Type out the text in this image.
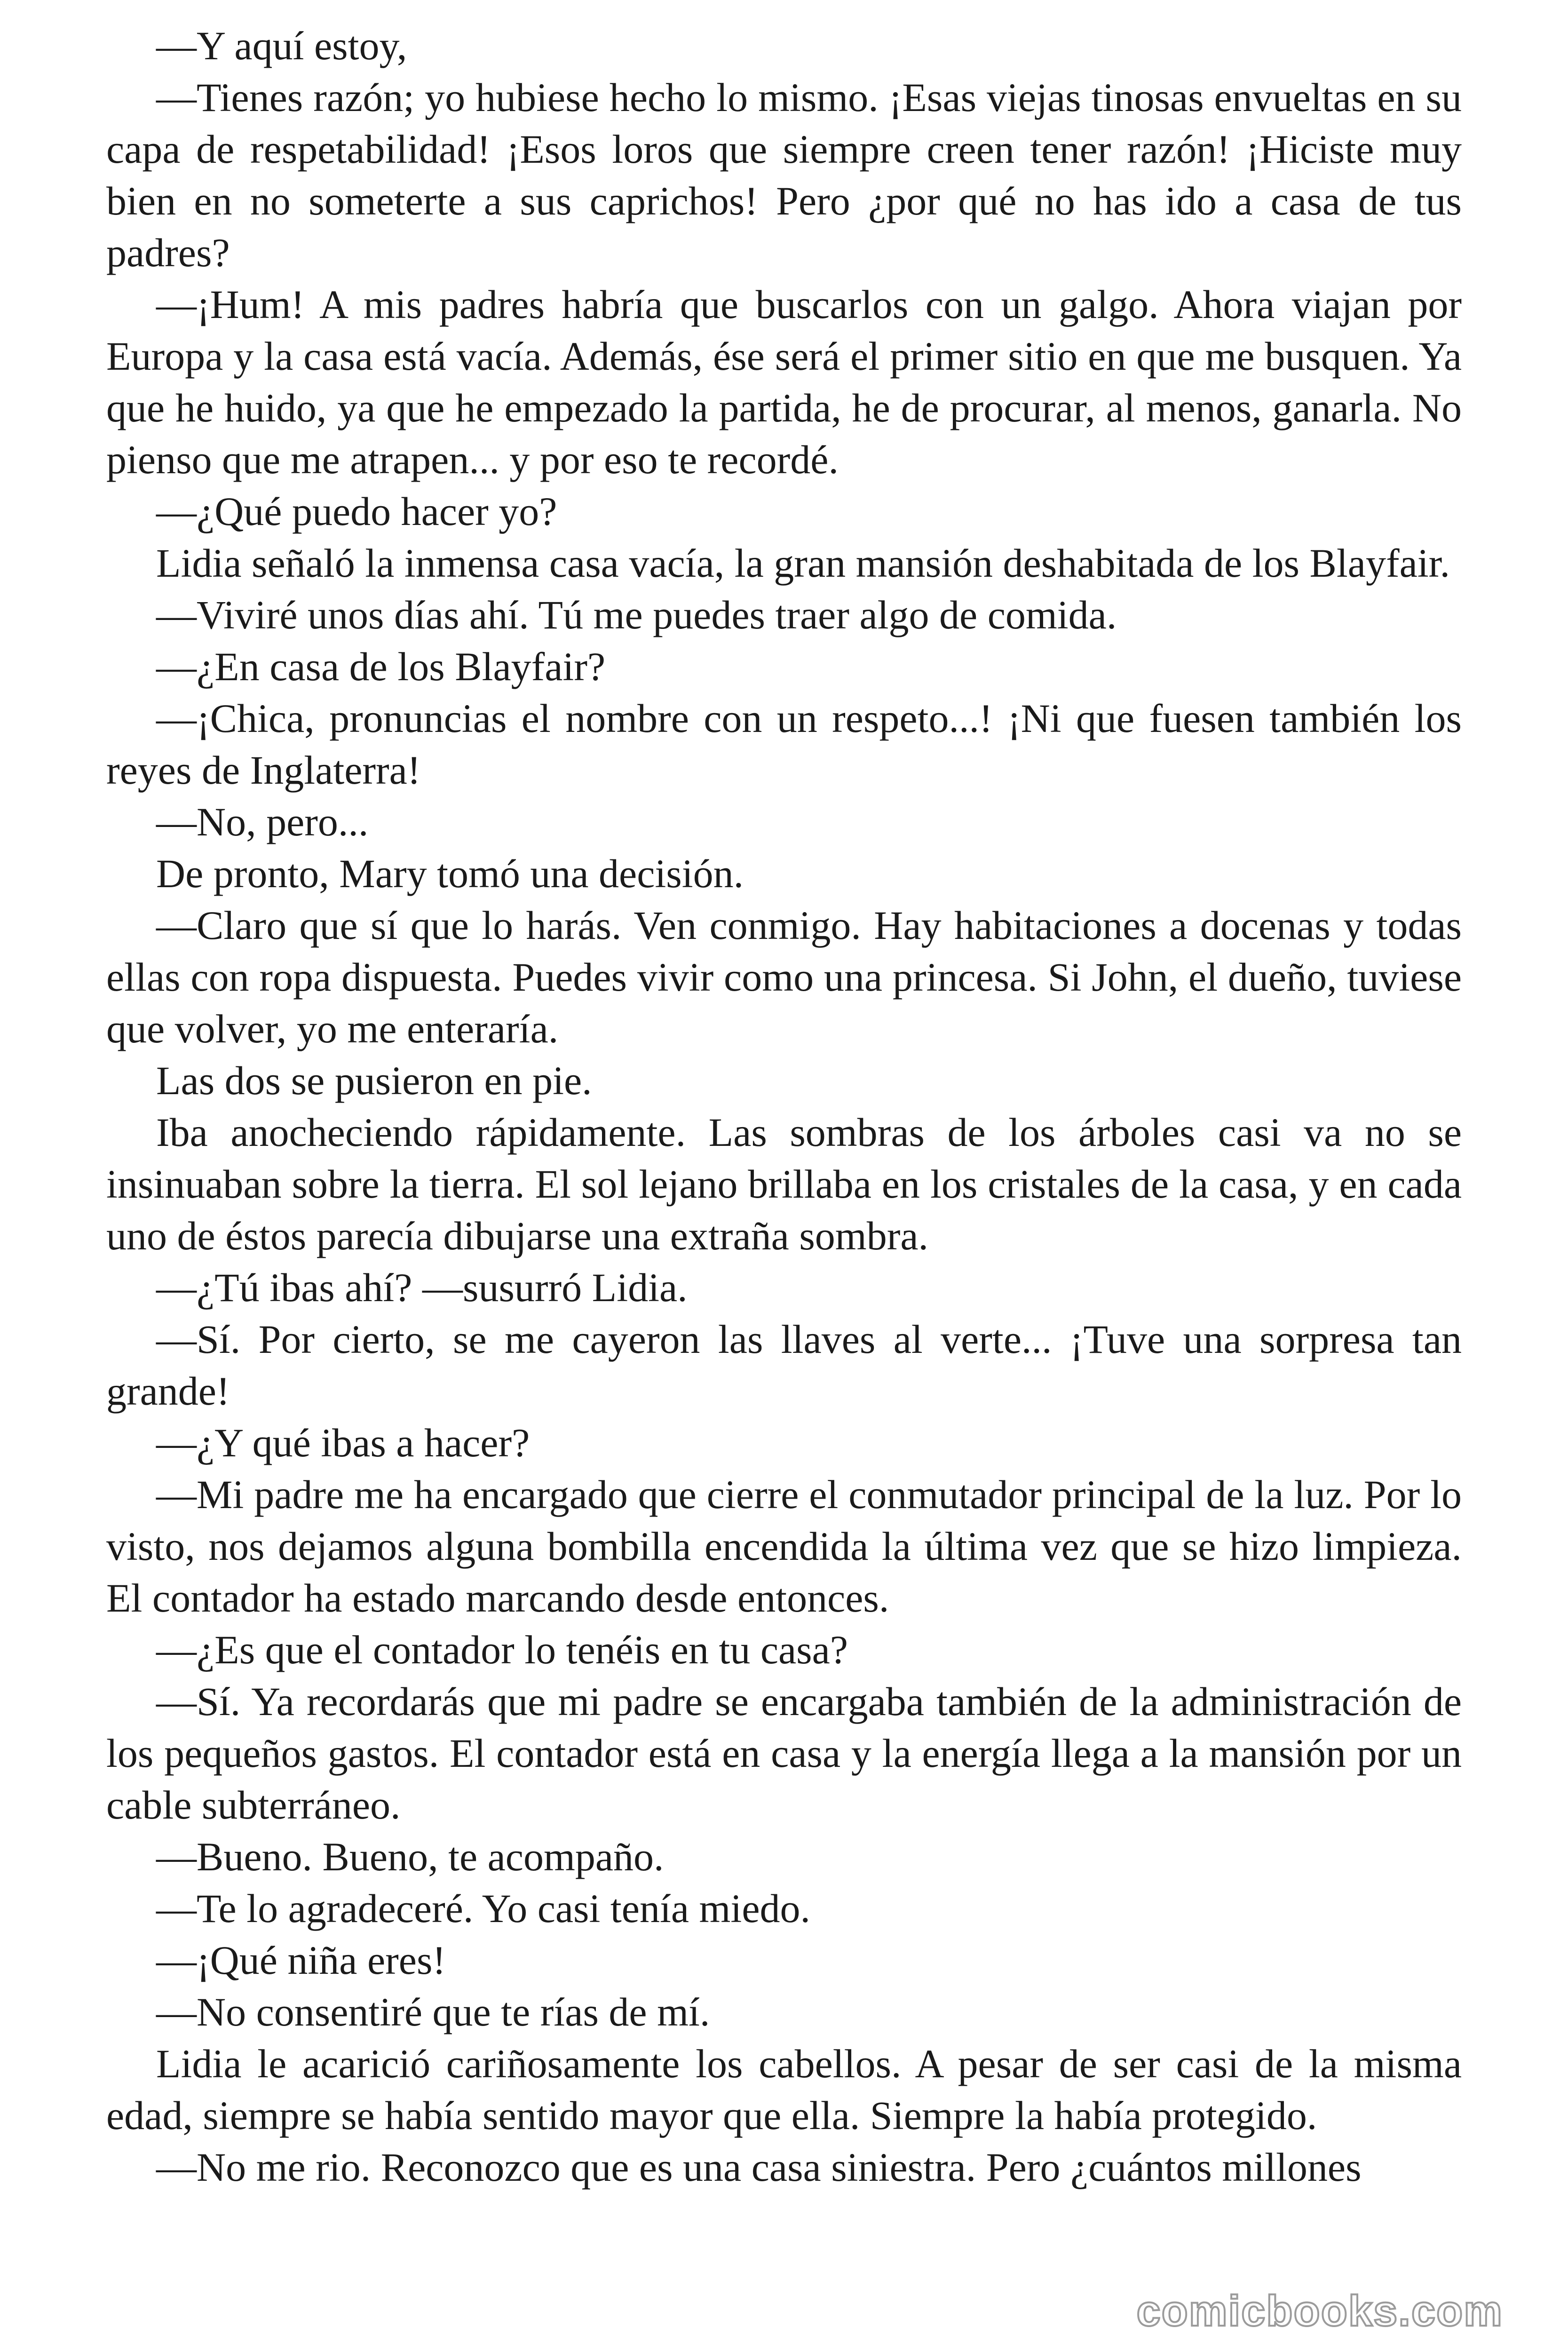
—Y aquí estoy,

—Tienes razón; yo hubiese hecho lo mismo. ¡Esas viejas tinosas envueltas en su capa de respetabilidad! ¡Esos loros que siempre creen tener razón! ¡Hiciste muy bien en no someterte a sus caprichos! Pero ¿por qué no has ido a casa de tus padres?

—¡Hum! A mis padres habría que buscarlos con un galgo. Ahora viajan por Europa y la casa está vacía. Además, ése será el primer sitio en que me busquen. Ya que he huido, ya que he empezado la partida, he de procurar, al menos, ganarla. No pienso que me atrapen... y por eso te recordé.

—¿Qué puedo hacer yo?

Lidia señaló la inmensa casa vacía, la gran mansión deshabitada de los Blayfair.

—Viviré unos días ahí. Tú me puedes traer algo de comida.

—¿En casa de los Blayfair?

—¡Chica, pronuncias el nombre con un respeto...! ¡Ni que fuesen también los reyes de Inglaterra!

—No, pero...

De pronto, Mary tomó una decisión.

—Claro que sí que lo harás. Ven conmigo. Hay habitaciones a docenas y todas ellas con ropa dispuesta. Puedes vivir como una princesa. Si John, el dueño, tuviese que volver, yo me enteraría.

Las dos se pusieron en pie.

Iba anocheciendo rápidamente. Las sombras de los árboles casi va no se insinuaban sobre la tierra. El sol lejano brillaba en los cristales de la casa, y en cada uno de éstos parecía dibujarse una extraña sombra.

—¿Tú ibas ahí? —susurró Lidia.

—Sí. Por cierto, se me cayeron las llaves al verte... ¡Tuve una sorpresa tan grande!

—¿Y qué ibas a hacer?

—Mi padre me ha encargado que cierre el conmutador principal de la luz. Por lo visto, nos dejamos alguna bombilla encendida la última vez que se hizo limpieza. El contador ha estado marcando desde entonces.

—¿Es que el contador lo tenéis en tu casa?

—Sí. Ya recordarás que mi padre se encargaba también de la administración de los pequeños gastos. El contador está en casa y la energía llega a la mansión por un cable subterráneo.

—Bueno. Bueno, te acompaño.

—Te lo agradeceré. Yo casi tenía miedo.

—¡Qué niña eres!

—No consentiré que te rías de mí.

Lidia le acarició cariñosamente los cabellos. A pesar de ser casi de la misma edad, siempre se había sentido mayor que ella. Siempre la había protegido.

—No me rio. Reconozco que es una casa siniestra. Pero ¿cuántos millones

comicbooks.com
